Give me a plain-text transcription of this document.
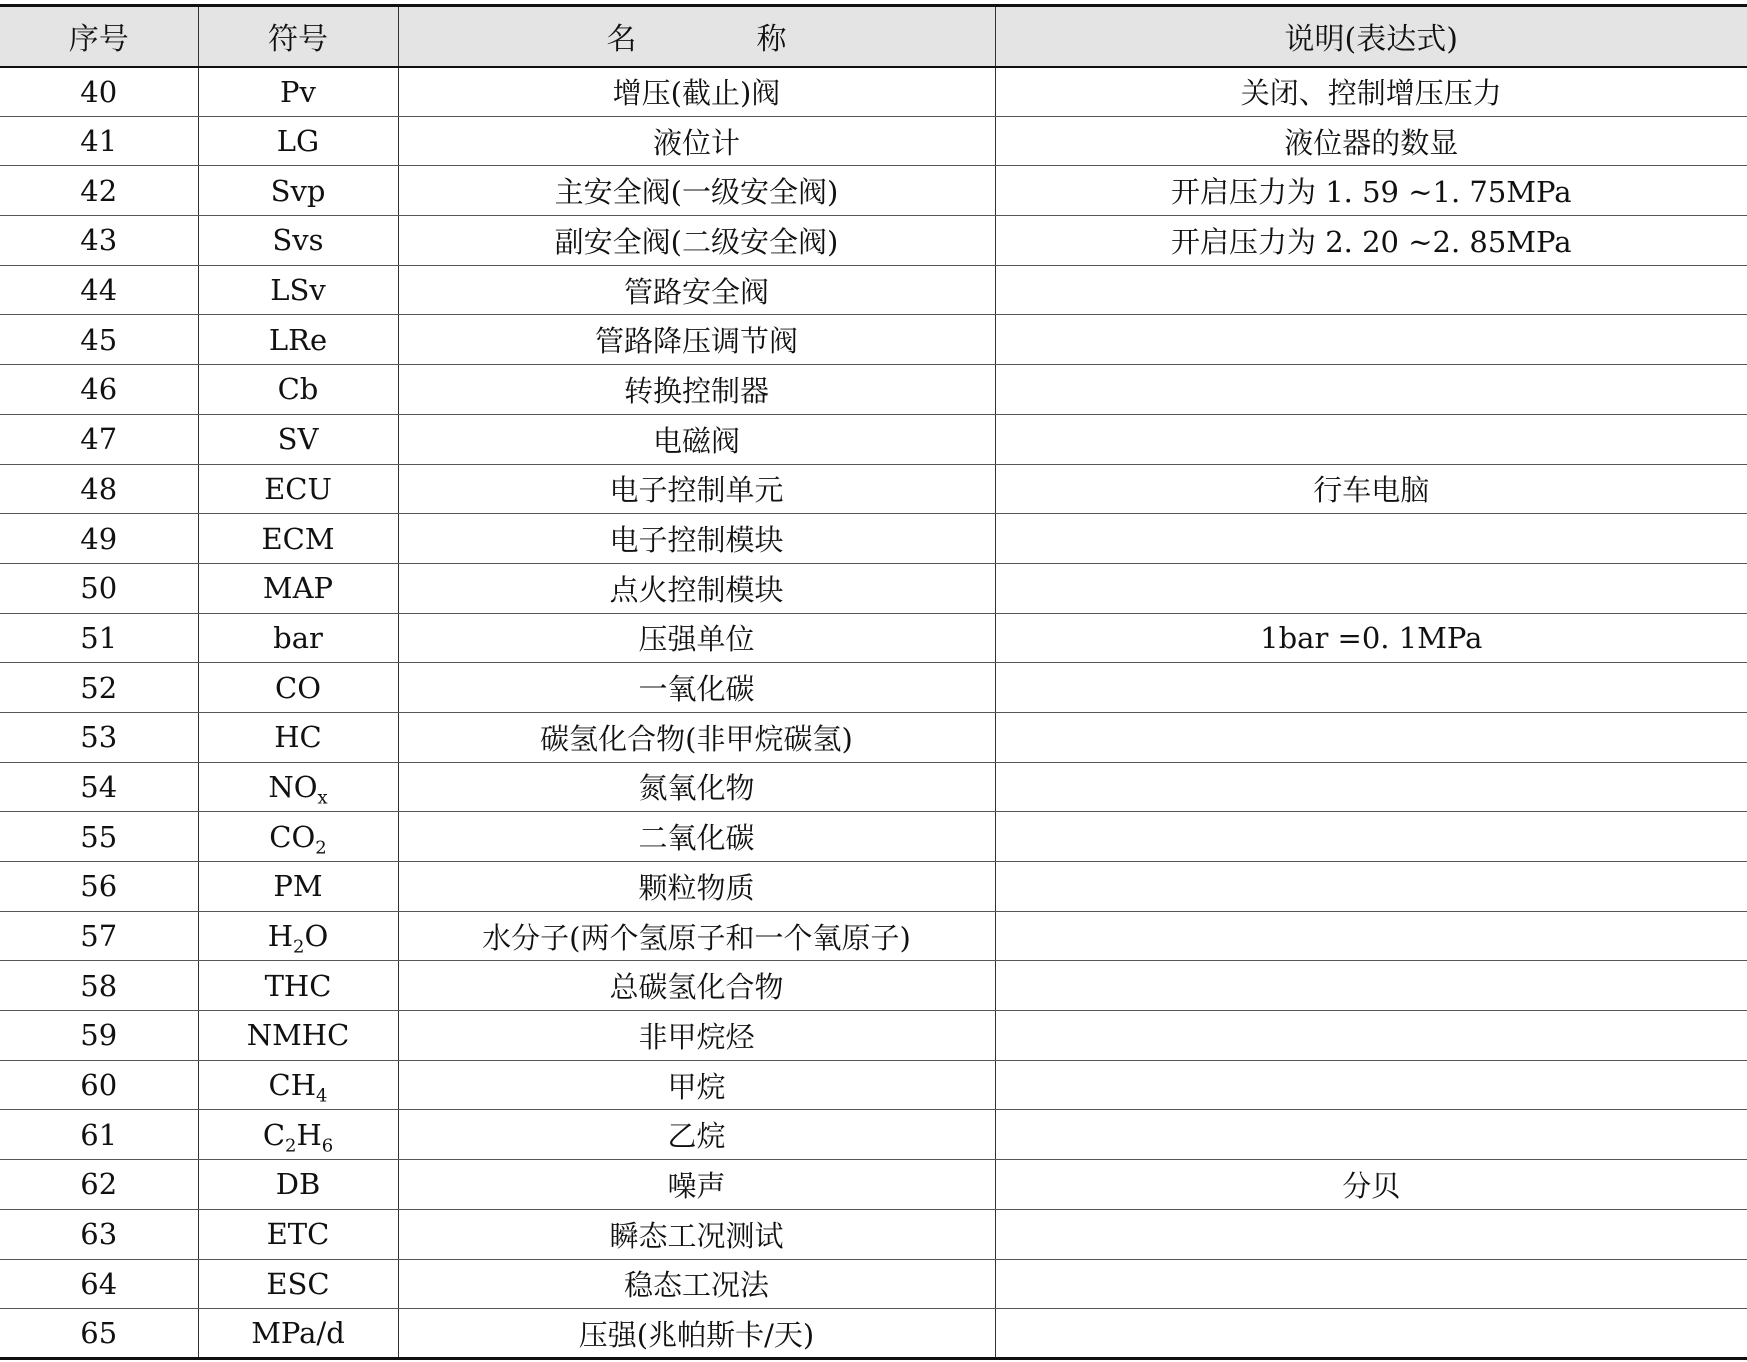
序号	符号	名 称	说明(表达式)
40	Pv	增压(截止)阀	关闭、控制增压压力
41	LG	液位计	液位器的数显
42	Svp	主安全阀(一级安全阀)	开启压力为 1. 59 ~1. 75MPa
43	Svs	副安全阀(二级安全阀)	开启压力为 2. 20 ~2. 85MPa
44	LSv	管路安全阀	
45	LRe	管路降压调节阀	
46	Cb	转换控制器	
47	SV	电磁阀	
48	ECU	电子控制单元	行车电脑
49	ECM	电子控制模块	
50	MAP	点火控制模块	
51	bar	压强单位	1bar =0. 1MPa
52	CO	一氧化碳	
53	HC	碳氢化合物(非甲烷碳氢)	
54	$NO_x$	氮氧化物	
55	$CO_2$	二氧化碳	
56	PM	颗粒物质	
57	$H_2O$	水分子(两个氢原子和一个氧原子)	
58	THC	总碳氢化合物	
59	NMHC	非甲烷烃	
60	$CH_4$	甲烷	
61	$C_2H_6$	乙烷	
62	DB	噪声	分贝
63	ETC	瞬态工况测试	
64	ESC	稳态工况法	
65	MPa/d	压强(兆帕斯卡/天)	
